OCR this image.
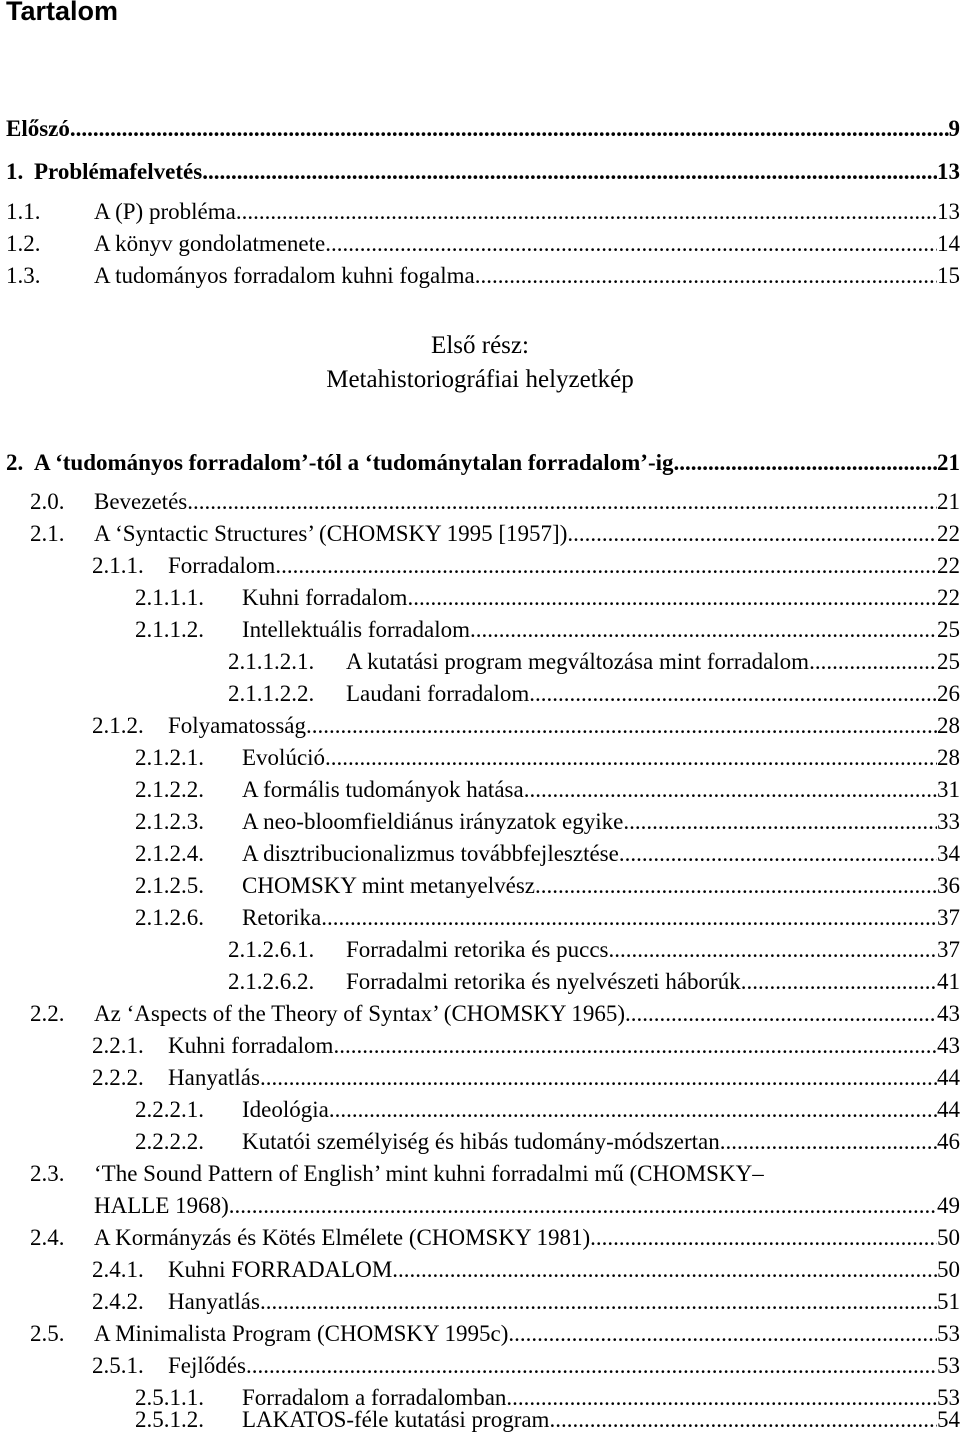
Tartalom
Előszó .....	9
1. Problémafelvetés .....	13
1.1.	A (P) probléma .....	13
1.2.	A könyv gondolatmenete .....	14
1.3.	A tudományos forradalom kuhni fogalma .....	15

Első rész:

Metahistoriográfiai helyzetkép

2. A ‘tudományos forradalom’-tól a ‘tudománytalan forradalom’-ig .....	21
2.0.	Bevezetés .....	21
2.1.	A ‘Syntactic Structures’ (CHOMSKY 1995 [1957]) .....	22
2.1.1.	Forradalom .....	22
2.1.1.1.	Kuhni forradalom .....	22
2.1.1.2.	Intellektuális forradalom .....	25
2.1.1.2.1.	A kutatási program megváltozása mint forradalom .....	25
2.1.1.2.2.	Laudani forradalom .....	26
2.1.2.	Folyamatosság .....	28
2.1.2.1.	Evolúció .....	28
2.1.2.2.	A formális tudományok hatása .....	31
2.1.2.3.	A neo-bloomfieldiánus irányzatok egyike .....	33
2.1.2.4.	A disztribucionalizmus továbbfejlesztése .....	34
2.1.2.5.	CHOMSKY mint metanyelvész .....	36
2.1.2.6.	Retorika .....	37
2.1.2.6.1.	Forradalmi retorika és puccs .....	37
2.1.2.6.2.	Forradalmi retorika és nyelvészeti háborúk .....	41
2.2.	Az ‘Aspects of the Theory of Syntax’ (CHOMSKY 1965) .....	43
2.2.1.	Kuhni forradalom .....	43
2.2.2.	Hanyatlás .....	44
2.2.2.1.	Ideológia .....	44
2.2.2.2.	Kutatói személyiség és hibás tudomány-módszertan .....	46
2.3.	‘The Sound Pattern of English’ mint kuhni forradalmi mű (CHOMSKY–
HALLE 1968) .....	49
2.4.	A Kormányzás és Kötés Elmélete (CHOMSKY 1981) .....	50
2.4.1.	Kuhni FORRADALOM .....	50
2.4.2.	Hanyatlás .....	51
2.5.	A Minimalista Program (CHOMSKY 1995c) .....	53
2.5.1.	Fejlődés .....	53
2.5.1.1.	Forradalom a forradalomban .....	53
2.5.1.2.	LAKATOS-féle kutatási program .....	54
